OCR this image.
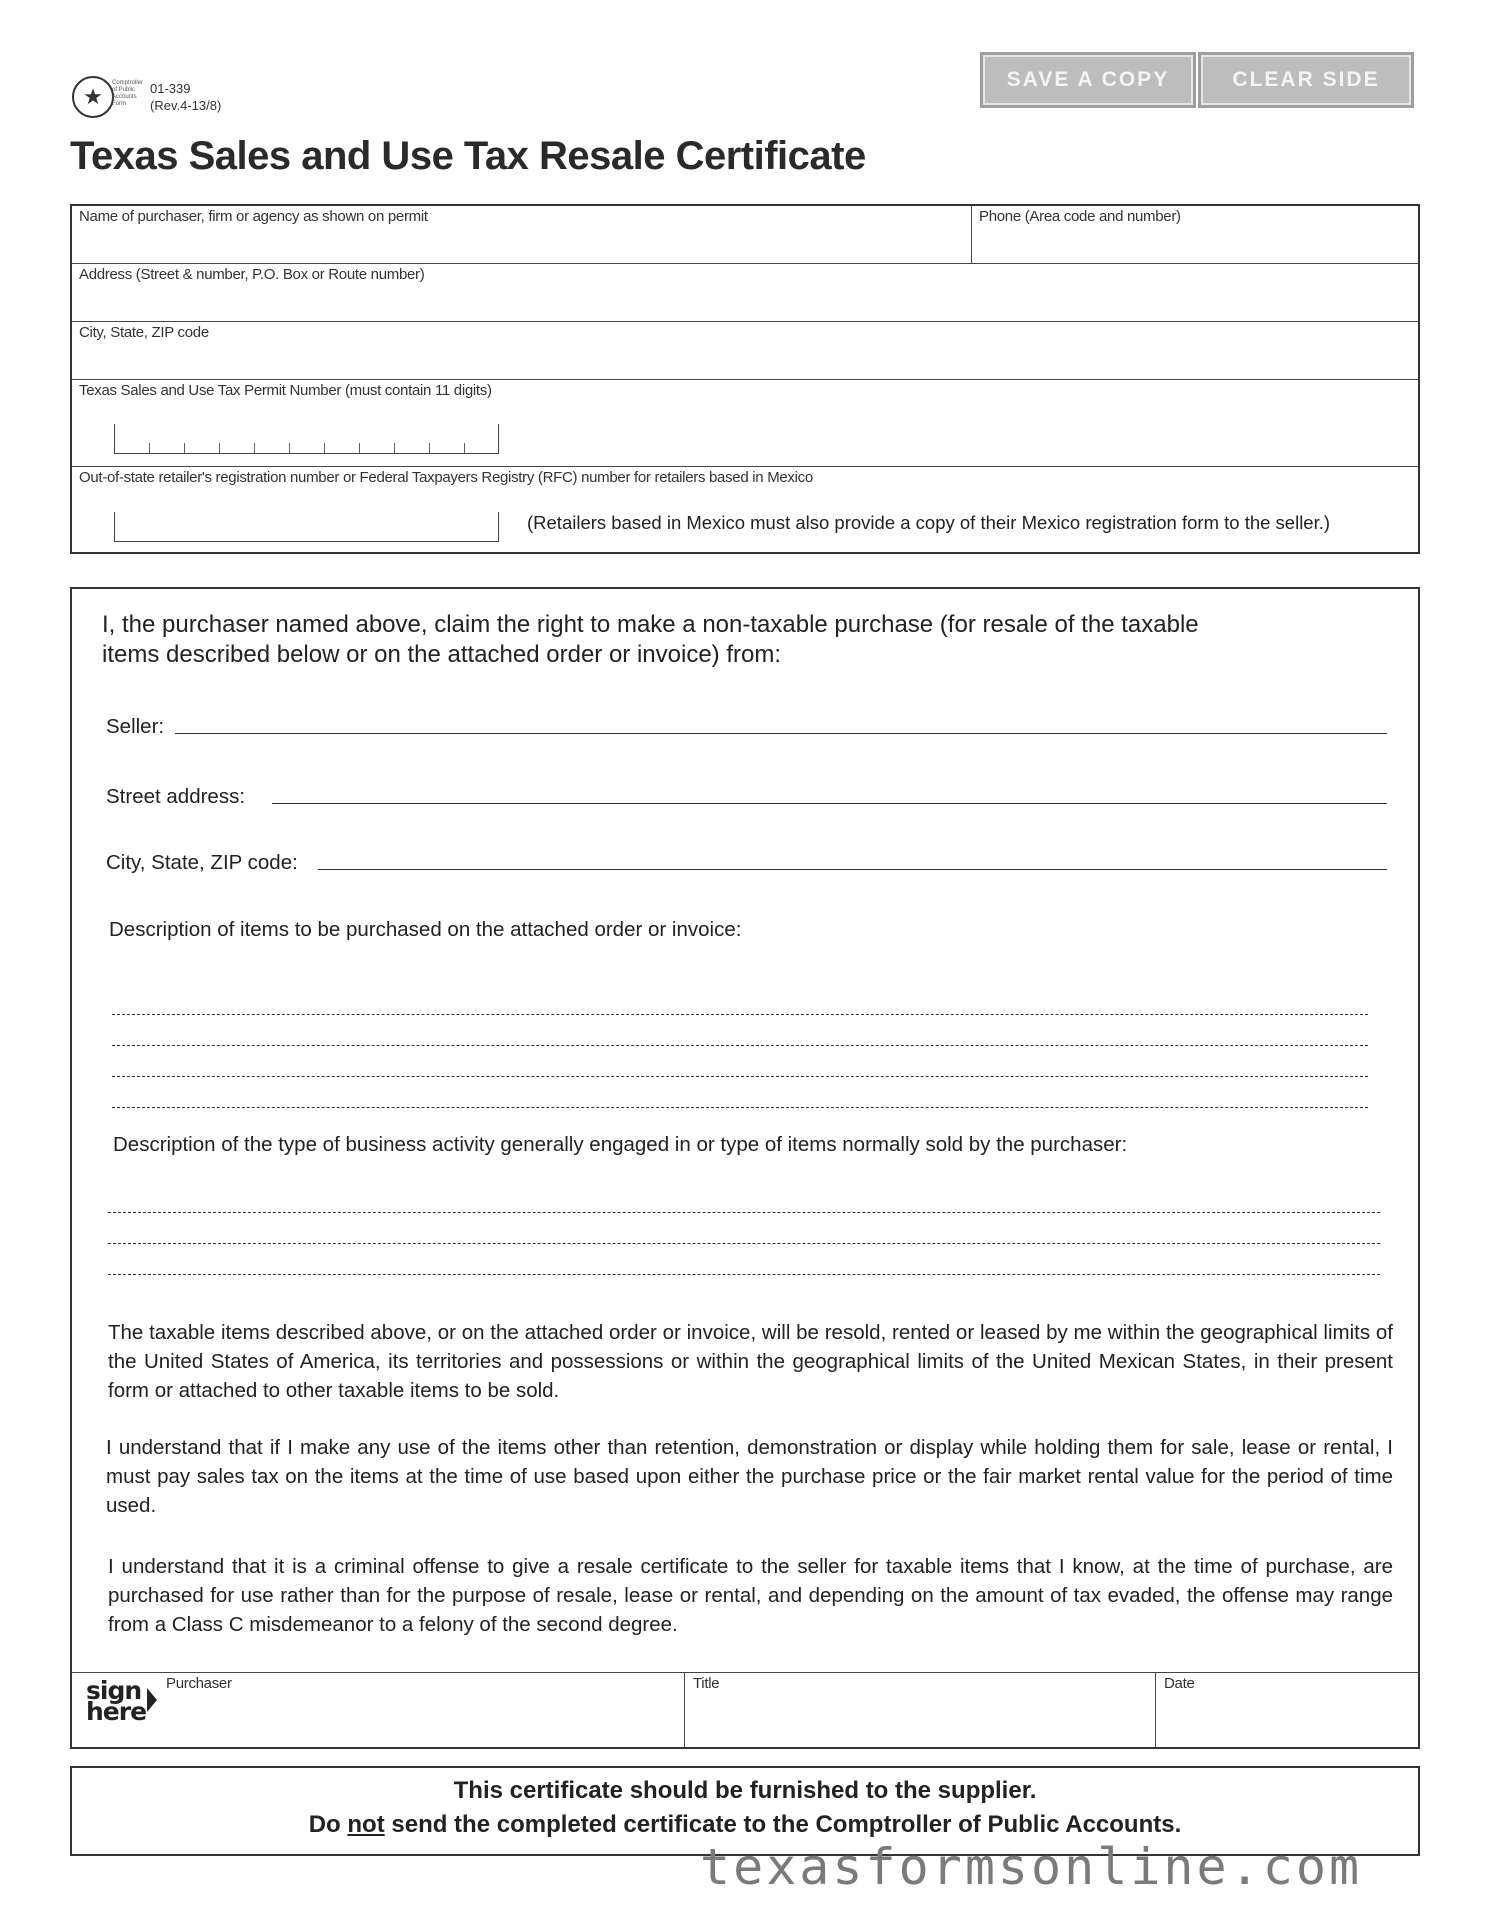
★
Comptroller of Public Accounts Form
01-339
(Rev.4-13/8)
SAVE A COPY	CLEAR SIDE
Texas Sales and Use Tax Resale Certificate
Name of purchaser, firm or agency as shown on permit	Phone (Area code and number)
Address (Street & number, P.O. Box or Route number)
City, State, ZIP code
Texas Sales and Use Tax Permit Number (must contain 11 digits)
Out-of-state retailer's registration number or Federal Taxpayers Registry (RFC) number for retailers based in Mexico
(Retailers based in Mexico must also provide a copy of their Mexico registration form to the seller.)
I, the purchaser named above, claim the right to make a non-taxable purchase (for resale of the taxable
items described below or on the attached order or invoice) from:
Seller:
Street address:
City, State, ZIP code:
Description of items to be purchased on the attached order or invoice:
Description of the type of business activity generally engaged in or type of items normally sold by the purchaser:
The taxable items described above, or on the attached order or invoice, will be resold, rented or leased by me within the geographical limits of the United States of America, its territories and possessions or within the geographical limits of the United Mexican States, in their present form or attached to other taxable items to be sold.
I understand that if I make any use of the items other than retention, demonstration or display while holding them for sale, lease or rental, I must pay sales tax on the items at the time of use based upon either the purchase price or the fair market rental value for the period of time used.
I understand that it is a criminal offense to give a resale certificate to the seller for taxable items that I know, at the time of purchase, are purchased for use rather than for the purpose of resale, lease or rental, and depending on the amount of tax evaded, the offense may range from a Class C misdemeanor to a felony of the second degree.
sign
here
Purchaser	Title	Date
This certificate should be furnished to the supplier.
Do not send the completed certificate to the Comptroller of Public Accounts.
texasformsonline.com
